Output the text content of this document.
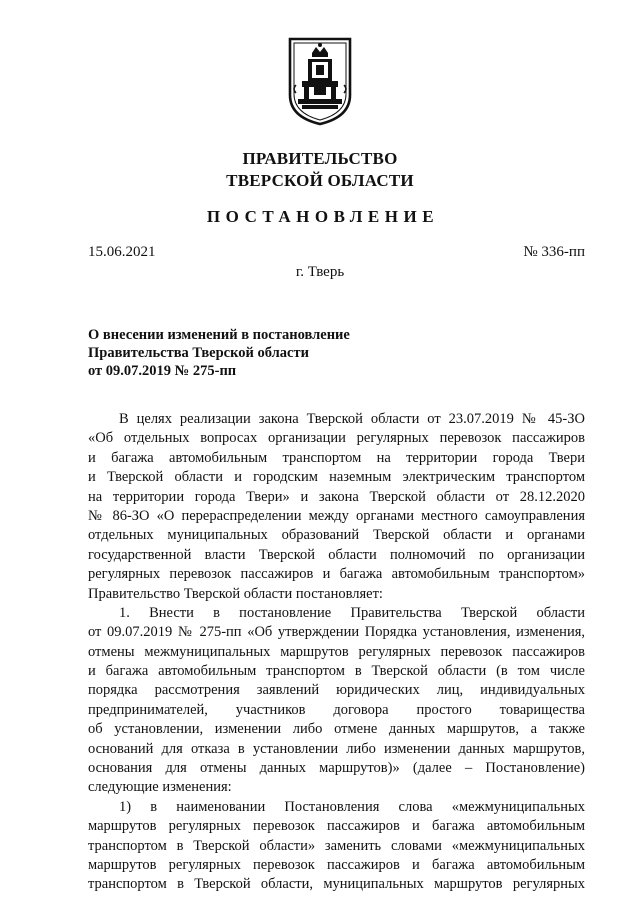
ПРАВИТЕЛЬСТВО
ТВЕРСКОЙ ОБЛАСТИ
ПОСТАНОВЛЕНИЕ
15.06.2021	№ 336-пп
г. Тверь
О внесении изменений в постановление
Правительства Тверской области
от 09.07.2019 № 275-пп
В целях реализации закона Тверской области от 23.07.2019 № 45-ЗО
«Об отдельных вопросах организации регулярных перевозок пассажиров
и багажа автомобильным транспортом на территории города Твери
и Тверской области и городским наземным электрическим транспортом
на территории города Твери» и закона Тверской области от 28.12.2020
№ 86-ЗО «О перераспределении между органами местного самоуправления
отдельных муниципальных образований Тверской области и органами
государственной власти Тверской области полномочий по организации
регулярных перевозок пассажиров и багажа автомобильным транспортом»
Правительство Тверской области постановляет:
1. Внести в постановление Правительства Тверской области
от 09.07.2019 № 275-пп «Об утверждении Порядка установления, изменения,
отмены межмуниципальных маршрутов регулярных перевозок пассажиров
и багажа автомобильным транспортом в Тверской области (в том числе
порядка рассмотрения заявлений юридических лиц, индивидуальных
предпринимателей, участников договора простого товарищества
об установлении, изменении либо отмене данных маршрутов, а также
оснований для отказа в установлении либо изменении данных маршрутов,
основания для отмены данных маршрутов)» (далее – Постановление)
следующие изменения:
1) в наименовании Постановления слова «межмуниципальных
маршрутов регулярных перевозок пассажиров и багажа автомобильным
транспортом в Тверской области» заменить словами «межмуниципальных
маршрутов регулярных перевозок пассажиров и багажа автомобильным
транспортом в Тверской области, муниципальных маршрутов регулярных
